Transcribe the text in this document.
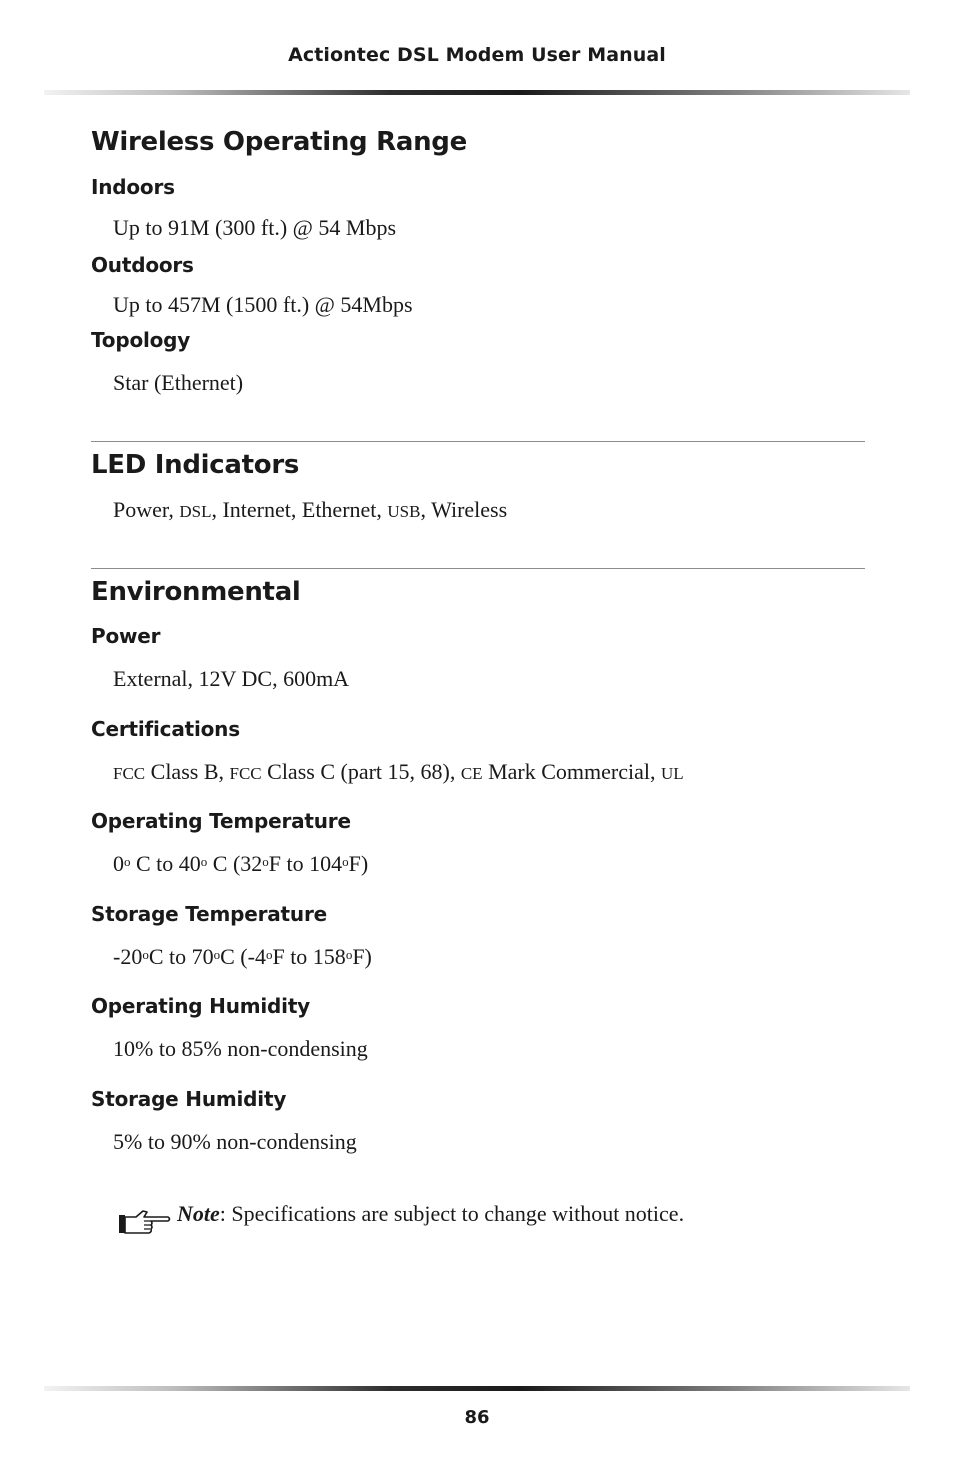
Actiontec DSL Modem User Manual
Wireless Operating Range
Indoors

Up to 91M (300 ft.) @ 54 Mbps

Outdoors

Up to 457M (1500 ft.) @ 54Mbps

Topology

Star (Ethernet)

LED Indicators

Power, DSL, Internet, Ethernet, USB, Wireless

Environmental
Power

External, 12V DC, 600mA

Certifications

FCC Class B, FCC Class C (part 15, 68), CE Mark Commercial, UL

Operating Temperature

0$^o$ C to 40$^o$ C (32$^o$F to 104$^o$F)

Storage Temperature

-20$^o$C to 70$^o$C (-4$^o$F to 158$^o$F)

Operating Humidity

10% to 85% non-condensing

Storage Humidity

5% to 90% non-condensing

Note: Specifications are subject to change without notice.

86
